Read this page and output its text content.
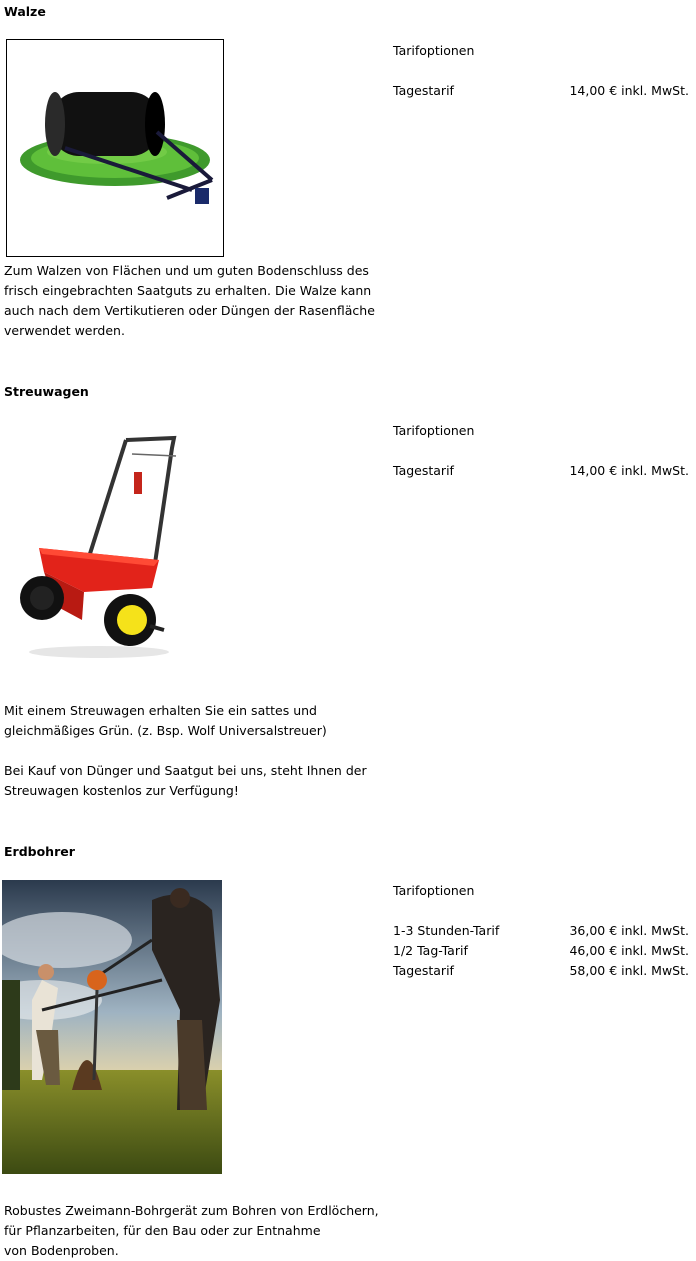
Walze
Zum Walzen von Flächen und um guten Bodenschluss des
frisch eingebrachten Saatguts zu erhalten. Die Walze kann
auch nach dem Vertikutieren oder Düngen der Rasenfläche
verwendet werden.
Tarifoptionen
Tagestarif	14,00 € inkl. MwSt.
Streuwagen
Mit einem Streuwagen erhalten Sie ein sattes und
gleichmäßiges Grün. (z. Bsp. Wolf Universalstreuer)
Bei Kauf von Dünger und Saatgut bei uns, steht Ihnen der
Streuwagen kostenlos zur Verfügung!
Tarifoptionen
Tagestarif	14,00 € inkl. MwSt.
Erdbohrer
Robustes Zweimann-Bohrgerät zum Bohren von Erdlöchern,
für Pflanzarbeiten, für den Bau oder zur Entnahme
von Bodenproben.
Tarifoptionen
1-3 Stunden-Tarif	36,00 € inkl. MwSt.
1/2 Tag-Tarif	46,00 € inkl. MwSt.
Tagestarif	58,00 € inkl. MwSt.
